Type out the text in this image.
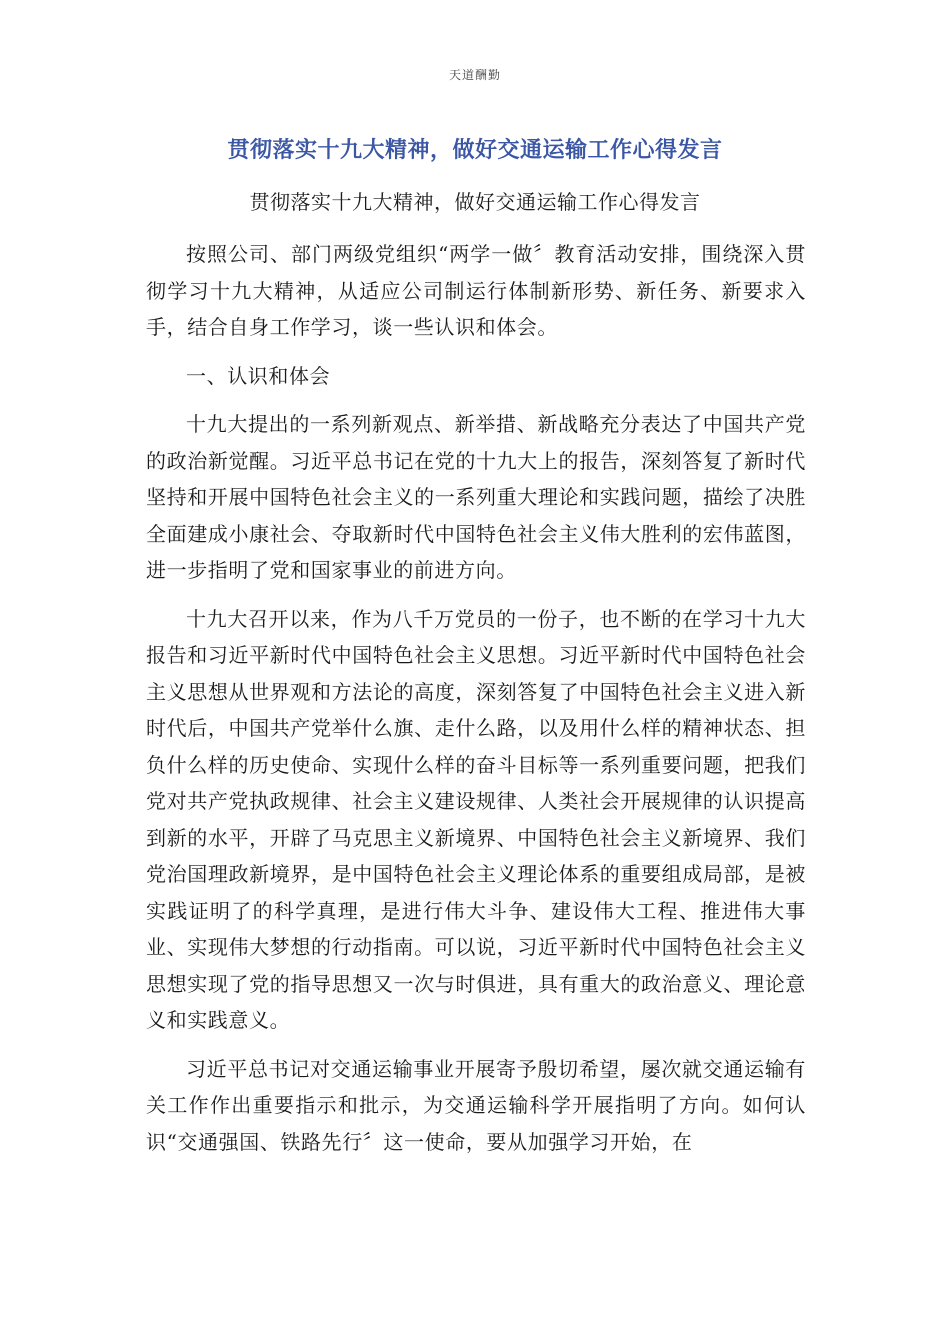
天道酬勤
贯彻落实十九大精神，做好交通运输工作心得发言
贯彻落实十九大精神，做好交通运输工作心得发言

按照公司、部门两级党组织“两学一做〞教育活动安排，围绕深入贯彻学习十九大精神，从适应公司制运行体制新形势、新任务、新要求入手，结合自身工作学习，谈一些认识和体会。

一、认识和体会

十九大提出的一系列新观点、新举措、新战略充分表达了中国共产党的政治新觉醒。习近平总书记在党的十九大上的报告，深刻答复了新时代坚持和开展中国特色社会主义的一系列重大理论和实践问题，描绘了决胜全面建成小康社会、夺取新时代中国特色社会主义伟大胜利的宏伟蓝图，进一步指明了党和国家事业的前进方向。

十九大召开以来，作为八千万党员的一份子，也不断的在学习十九大报告和习近平新时代中国特色社会主义思想。习近平新时代中国特色社会主义思想从世界观和方法论的高度，深刻答复了中国特色社会主义进入新时代后，中国共产党举什么旗、走什么路，以及用什么样的精神状态、担负什么样的历史使命、实现什么样的奋斗目标等一系列重要问题，把我们党对共产党执政规律、社会主义建设规律、人类社会开展规律的认识提高到新的水平，开辟了马克思主义新境界、中国特色社会主义新境界、我们党治国理政新境界，是中国特色社会主义理论体系的重要组成局部，是被实践证明了的科学真理，是进行伟大斗争、建设伟大工程、推进伟大事业、实现伟大梦想的行动指南。可以说，习近平新时代中国特色社会主义思想实现了党的指导思想又一次与时俱进，具有重大的政治意义、理论意义和实践意义。

习近平总书记对交通运输事业开展寄予殷切希望，屡次就交通运输有关工作作出重要指示和批示，为交通运输科学开展指明了方向。如何认识“交通强国、铁路先行〞这一使命，要从加强学习开始，在
